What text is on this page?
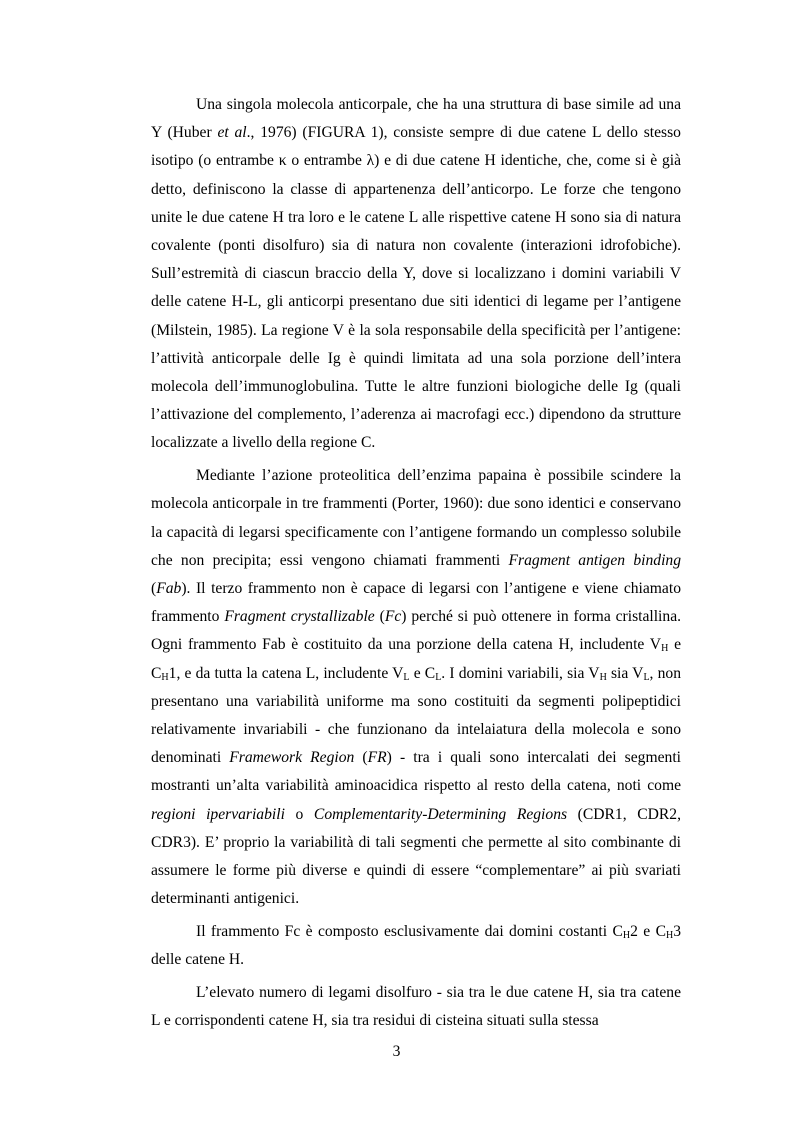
Una singola molecola anticorpale, che ha una struttura di base simile ad una Y (Huber et al., 1976) (FIGURA 1), consiste sempre di due catene L dello stesso isotipo (o entrambe κ o entrambe λ) e di due catene H identiche, che, come si è già detto, definiscono la classe di appartenenza dell’anticorpo. Le forze che tengono unite le due catene H tra loro e le catene L alle rispettive catene H sono sia di natura covalente (ponti disolfuro) sia di natura non covalente (interazioni idrofobiche). Sull’estremità di ciascun braccio della Y, dove si localizzano i domini variabili V delle catene H-L, gli anticorpi presentano due siti identici di legame per l’antigene (Milstein, 1985). La regione V è la sola responsabile della specificità per l’antigene: l’attività anticorpale delle Ig è quindi limitata ad una sola porzione dell’intera molecola dell’immunoglobulina. Tutte le altre funzioni biologiche delle Ig (quali l’attivazione del complemento, l’aderenza ai macrofagi ecc.) dipendono da strutture localizzate a livello della regione C.

Mediante l’azione proteolitica dell’enzima papaina è possibile scindere la molecola anticorpale in tre frammenti (Porter, 1960): due sono identici e conservano la capacità di legarsi specificamente con l’antigene formando un complesso solubile che non precipita; essi vengono chiamati frammenti Fragment antigen binding (Fab). Il terzo frammento non è capace di legarsi con l’antigene e viene chiamato frammento Fragment crystallizable (Fc) perché si può ottenere in forma cristallina. Ogni frammento Fab è costituito da una porzione della catena H, includente $V_H$ e $C_H1$, e da tutta la catena L, includente $V_L$ e $C_L$. I domini variabili, sia $V_H$ sia $V_L$, non presentano una variabilità uniforme ma sono costituiti da segmenti polipeptidici relativamente invariabili - che funzionano da intelaiatura della molecola e sono denominati Framework Region (FR) - tra i quali sono intercalati dei segmenti mostranti un’alta variabilità aminoacidica rispetto al resto della catena, noti come regioni ipervariabili o Complementarity-Determining Regions (CDR1, CDR2, CDR3). E’ proprio la variabilità di tali segmenti che permette al sito combinante di assumere le forme più diverse e quindi di essere “complementare” ai più svariati determinanti antigenici.

Il frammento Fc è composto esclusivamente dai domini costanti $C_H2$ e $C_H3$ delle catene H.

L’elevato numero di legami disolfuro - sia tra le due catene H, sia tra catene L e corrispondenti catene H, sia tra residui di cisteina situati sulla stessa

3
